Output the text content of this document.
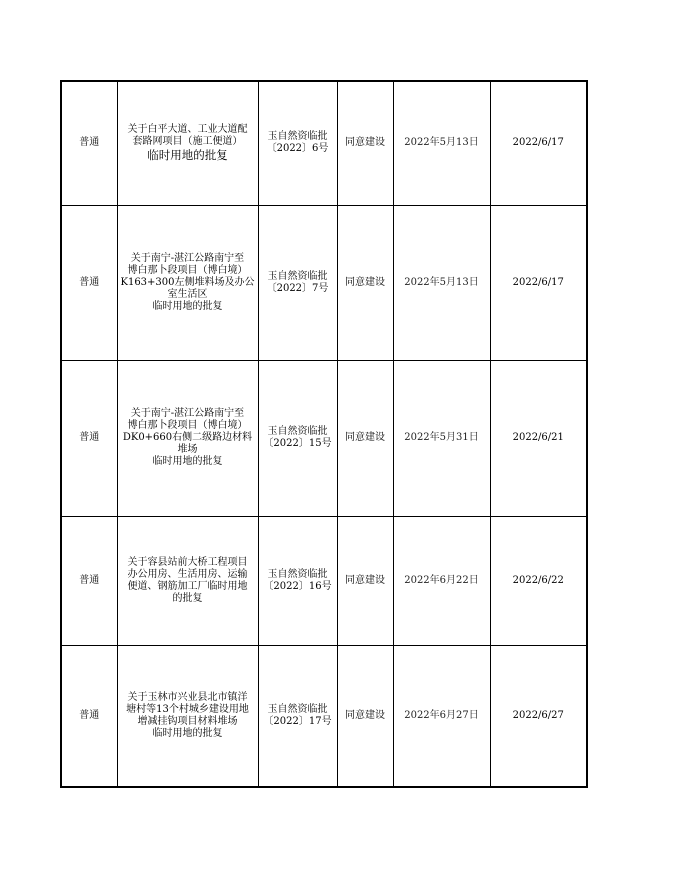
普通	关于白平大道、工业大道配
套路网项目（施工便道）
临时用地的批复	玉自然资临批
〔2022〕6号	同意建设	2022年5月13日	2022/6/17
普通	关于南宁-湛江公路南宁至
博白那卜段项目（博白境）
K163+300左侧堆料场及办公
室生活区
临时用地的批复	玉自然资临批
〔2022〕7号	同意建设	2022年5月13日	2022/6/17
普通	关于南宁-湛江公路南宁至
博白那卜段项目（博白境）
DK0+660右侧二级路边材料
堆场
临时用地的批复	玉自然资临批
〔2022〕15号	同意建设	2022年5月31日	2022/6/21
普通	关于容县站前大桥工程项目
办公用房、生活用房、运输
便道、钢筋加工厂临时用地
的批复	玉自然资临批
〔2022〕16号	同意建设	2022年6月22日	2022/6/22
普通	关于玉林市兴业县北市镇洋
塘村等13个村城乡建设用地
增减挂钩项目材料堆场
临时用地的批复	玉自然资临批
〔2022〕17号	同意建设	2022年6月27日	2022/6/27
